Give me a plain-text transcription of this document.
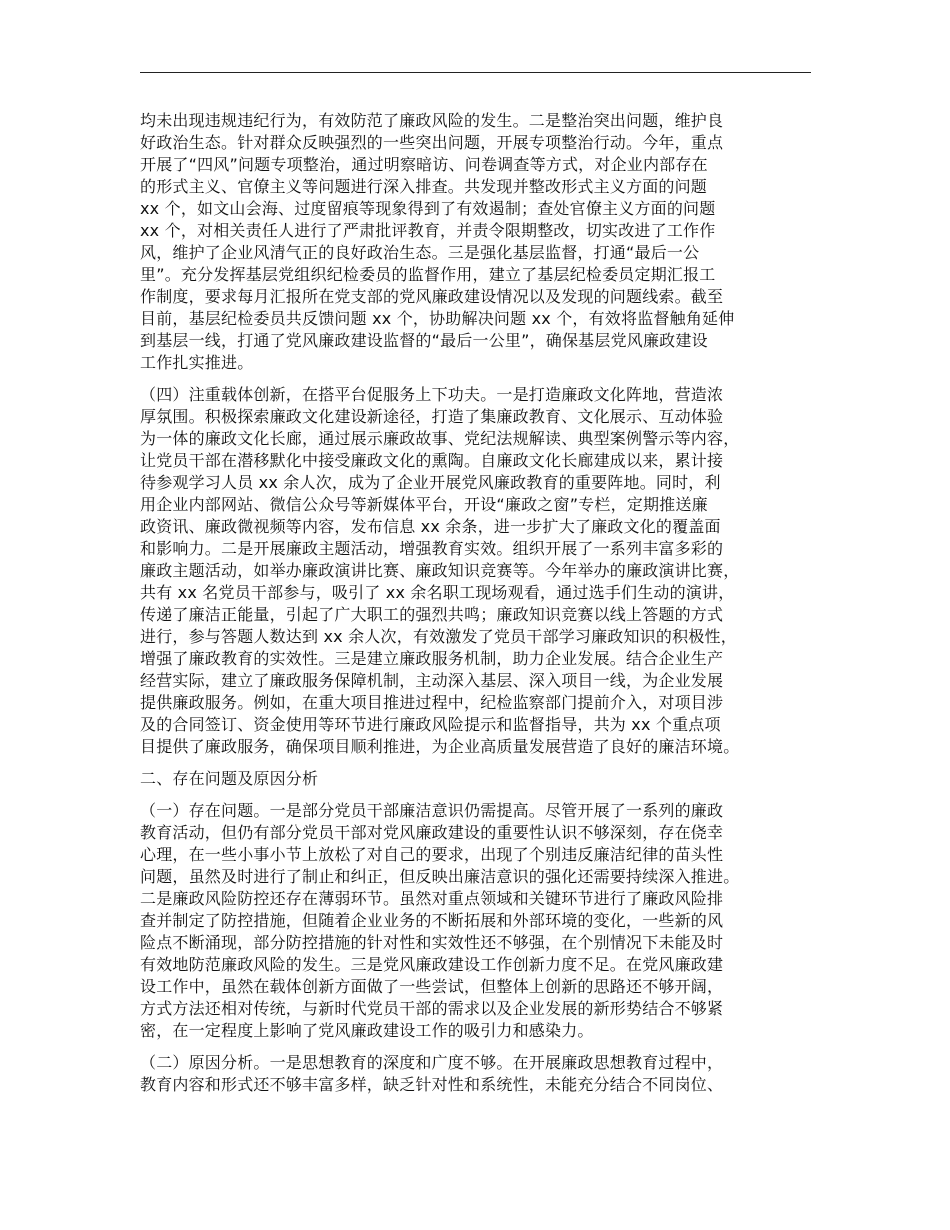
均未出现违规违纪行为，有效防范了廉政风险的发生。二是整治突出问题，维护良
好政治生态。针对群众反映强烈的一些突出问题，开展专项整治行动。今年，重点
开展了“四风”问题专项整治，通过明察暗访、问卷调查等方式，对企业内部存在
的形式主义、官僚主义等问题进行深入排查。共发现并整改形式主义方面的问题
xx 个，如文山会海、过度留痕等现象得到了有效遏制；查处官僚主义方面的问题
xx 个，对相关责任人进行了严肃批评教育，并责令限期整改，切实改进了工作作
风，维护了企业风清气正的良好政治生态。三是强化基层监督，打通“最后一公
里”。充分发挥基层党组织纪检委员的监督作用，建立了基层纪检委员定期汇报工
作制度，要求每月汇报所在党支部的党风廉政建设情况以及发现的问题线索。截至
目前，基层纪检委员共反馈问题 xx 个，协助解决问题 xx 个，有效将监督触角延伸
到基层一线，打通了党风廉政建设监督的“最后一公里”，确保基层党风廉政建设
工作扎实推进。

（四）注重载体创新，在搭平台促服务上下功夫。一是打造廉政文化阵地，营造浓
厚氛围。积极探索廉政文化建设新途径，打造了集廉政教育、文化展示、互动体验
为一体的廉政文化长廊，通过展示廉政故事、党纪法规解读、典型案例警示等内容，
让党员干部在潜移默化中接受廉政文化的熏陶。自廉政文化长廊建成以来，累计接
待参观学习人员 xx 余人次，成为了企业开展党风廉政教育的重要阵地。同时，利
用企业内部网站、微信公众号等新媒体平台，开设“廉政之窗”专栏，定期推送廉
政资讯、廉政微视频等内容，发布信息 xx 余条，进一步扩大了廉政文化的覆盖面
和影响力。二是开展廉政主题活动，增强教育实效。组织开展了一系列丰富多彩的
廉政主题活动，如举办廉政演讲比赛、廉政知识竞赛等。今年举办的廉政演讲比赛，
共有 xx 名党员干部参与，吸引了 xx 余名职工现场观看，通过选手们生动的演讲，
传递了廉洁正能量，引起了广大职工的强烈共鸣；廉政知识竞赛以线上答题的方式
进行，参与答题人数达到 xx 余人次，有效激发了党员干部学习廉政知识的积极性，
增强了廉政教育的实效性。三是建立廉政服务机制，助力企业发展。结合企业生产
经营实际，建立了廉政服务保障机制，主动深入基层、深入项目一线，为企业发展
提供廉政服务。例如，在重大项目推进过程中，纪检监察部门提前介入，对项目涉
及的合同签订、资金使用等环节进行廉政风险提示和监督指导，共为 xx 个重点项
目提供了廉政服务，确保项目顺利推进，为企业高质量发展营造了良好的廉洁环境。

二、存在问题及原因分析

（一）存在问题。一是部分党员干部廉洁意识仍需提高。尽管开展了一系列的廉政
教育活动，但仍有部分党员干部对党风廉政建设的重要性认识不够深刻，存在侥幸
心理，在一些小事小节上放松了对自己的要求，出现了个别违反廉洁纪律的苗头性
问题，虽然及时进行了制止和纠正，但反映出廉洁意识的强化还需要持续深入推进。
二是廉政风险防控还存在薄弱环节。虽然对重点领域和关键环节进行了廉政风险排
查并制定了防控措施，但随着企业业务的不断拓展和外部环境的变化，一些新的风
险点不断涌现，部分防控措施的针对性和实效性还不够强，在个别情况下未能及时
有效地防范廉政风险的发生。三是党风廉政建设工作创新力度不足。在党风廉政建
设工作中，虽然在载体创新方面做了一些尝试，但整体上创新的思路还不够开阔，
方式方法还相对传统，与新时代党员干部的需求以及企业发展的新形势结合不够紧
密，在一定程度上影响了党风廉政建设工作的吸引力和感染力。

（二）原因分析。一是思想教育的深度和广度不够。在开展廉政思想教育过程中，
教育内容和形式还不够丰富多样，缺乏针对性和系统性，未能充分结合不同岗位、
